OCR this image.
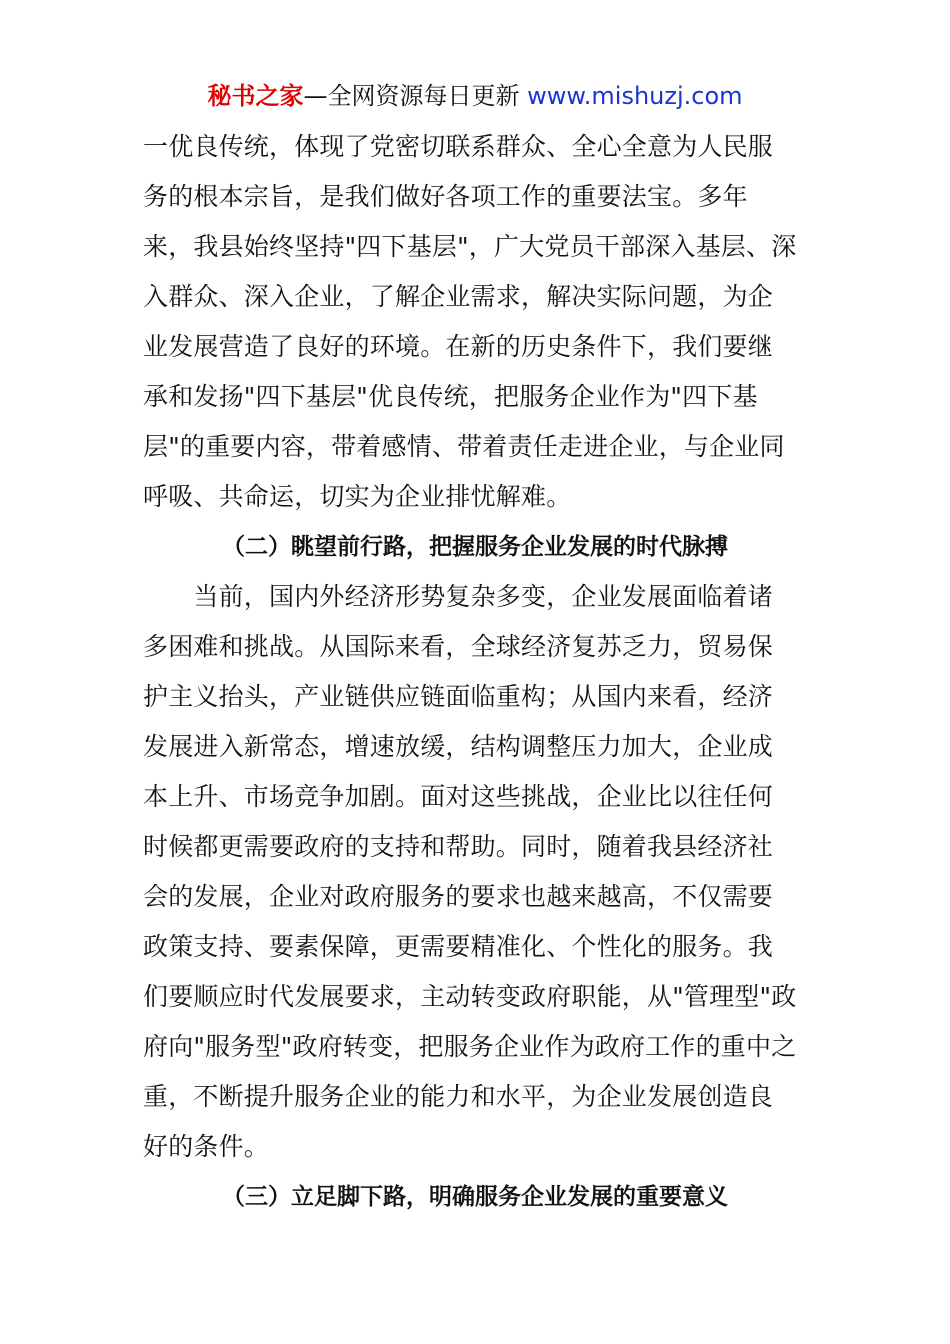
秘书之家—全网资源每日更新 www.mishuzj.com
一优良传统，体现了党密切联系群众、全心全意为人民服
务的根本宗旨，是我们做好各项工作的重要法宝。多年
来，我县始终坚持"四下基层"，广大党员干部深入基层、深
入群众、深入企业，了解企业需求，解决实际问题，为企
业发展营造了良好的环境。在新的历史条件下，我们要继
承和发扬"四下基层"优良传统，把服务企业作为"四下基
层"的重要内容，带着感情、带着责任走进企业，与企业同
呼吸、共命运，切实为企业排忧解难。
（二）眺望前行路，把握服务企业发展的时代脉搏
　　当前，国内外经济形势复杂多变，企业发展面临着诸
多困难和挑战。从国际来看，全球经济复苏乏力，贸易保
护主义抬头，产业链供应链面临重构；从国内来看，经济
发展进入新常态，增速放缓，结构调整压力加大，企业成
本上升、市场竞争加剧。面对这些挑战，企业比以往任何
时候都更需要政府的支持和帮助。同时，随着我县经济社
会的发展，企业对政府服务的要求也越来越高，不仅需要
政策支持、要素保障，更需要精准化、个性化的服务。我
们要顺应时代发展要求，主动转变政府职能，从"管理型"政
府向"服务型"政府转变，把服务企业作为政府工作的重中之
重，不断提升服务企业的能力和水平，为企业发展创造良
好的条件。
（三）立足脚下路，明确服务企业发展的重要意义
